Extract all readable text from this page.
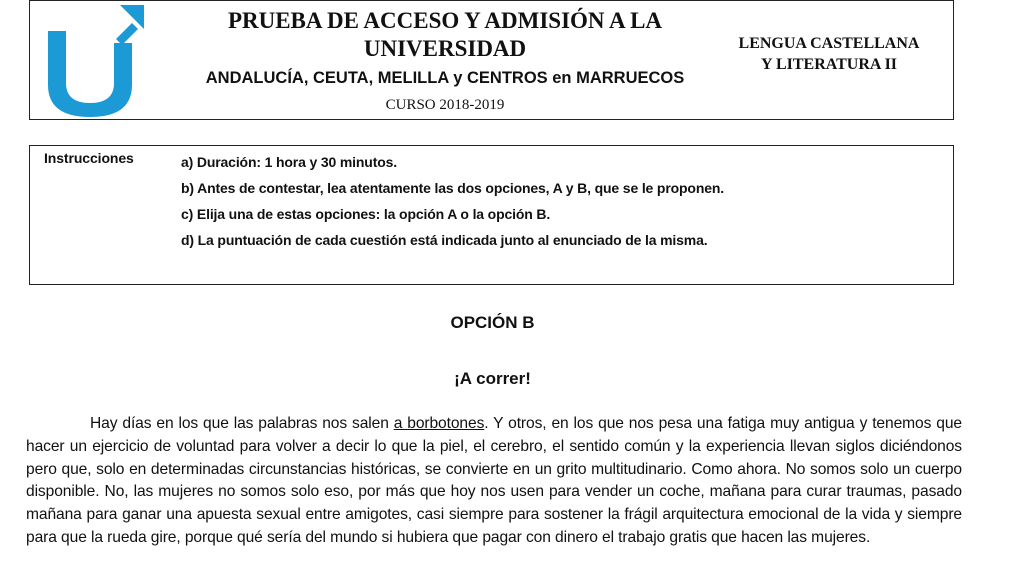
PRUEBA DE ACCESO Y ADMISIÓN A LA
UNIVERSIDAD
ANDALUCÍA, CEUTA, MELILLA y CENTROS en MARRUECOS
CURSO 2018-2019
LENGUA CASTELLANA
Y LITERATURA II
Instrucciones	a) Duración: 1 hora y 30 minutos.
b) Antes de contestar, lea atentamente las dos opciones, A y B, que se le proponen.
c) Elija una de estas opciones: la opción A o la opción B.
d) La puntuación de cada cuestión está indicada junto al enunciado de la misma.
OPCIÓN B
¡A correr!

Hay días en los que las palabras nos salen a borbotones. Y otros, en los que nos pesa una fatiga muy antigua y tenemos que hacer un ejercicio de voluntad para volver a decir lo que la piel, el cerebro, el sentido común y la experiencia llevan siglos diciéndonos pero que, solo en determinadas circunstancias históricas, se convierte en un grito multitudinario. Como ahora. No somos solo un cuerpo disponible. No, las mujeres no somos solo eso, por más que hoy nos usen para vender un coche, mañana para curar traumas, pasado mañana para ganar una apuesta sexual entre amigotes, casi siempre para sostener la frágil arquitectura emocional de la vida y siempre para que la rueda gire, porque qué sería del mundo si hubiera que pagar con dinero el trabajo gratis que hacen las mujeres.
